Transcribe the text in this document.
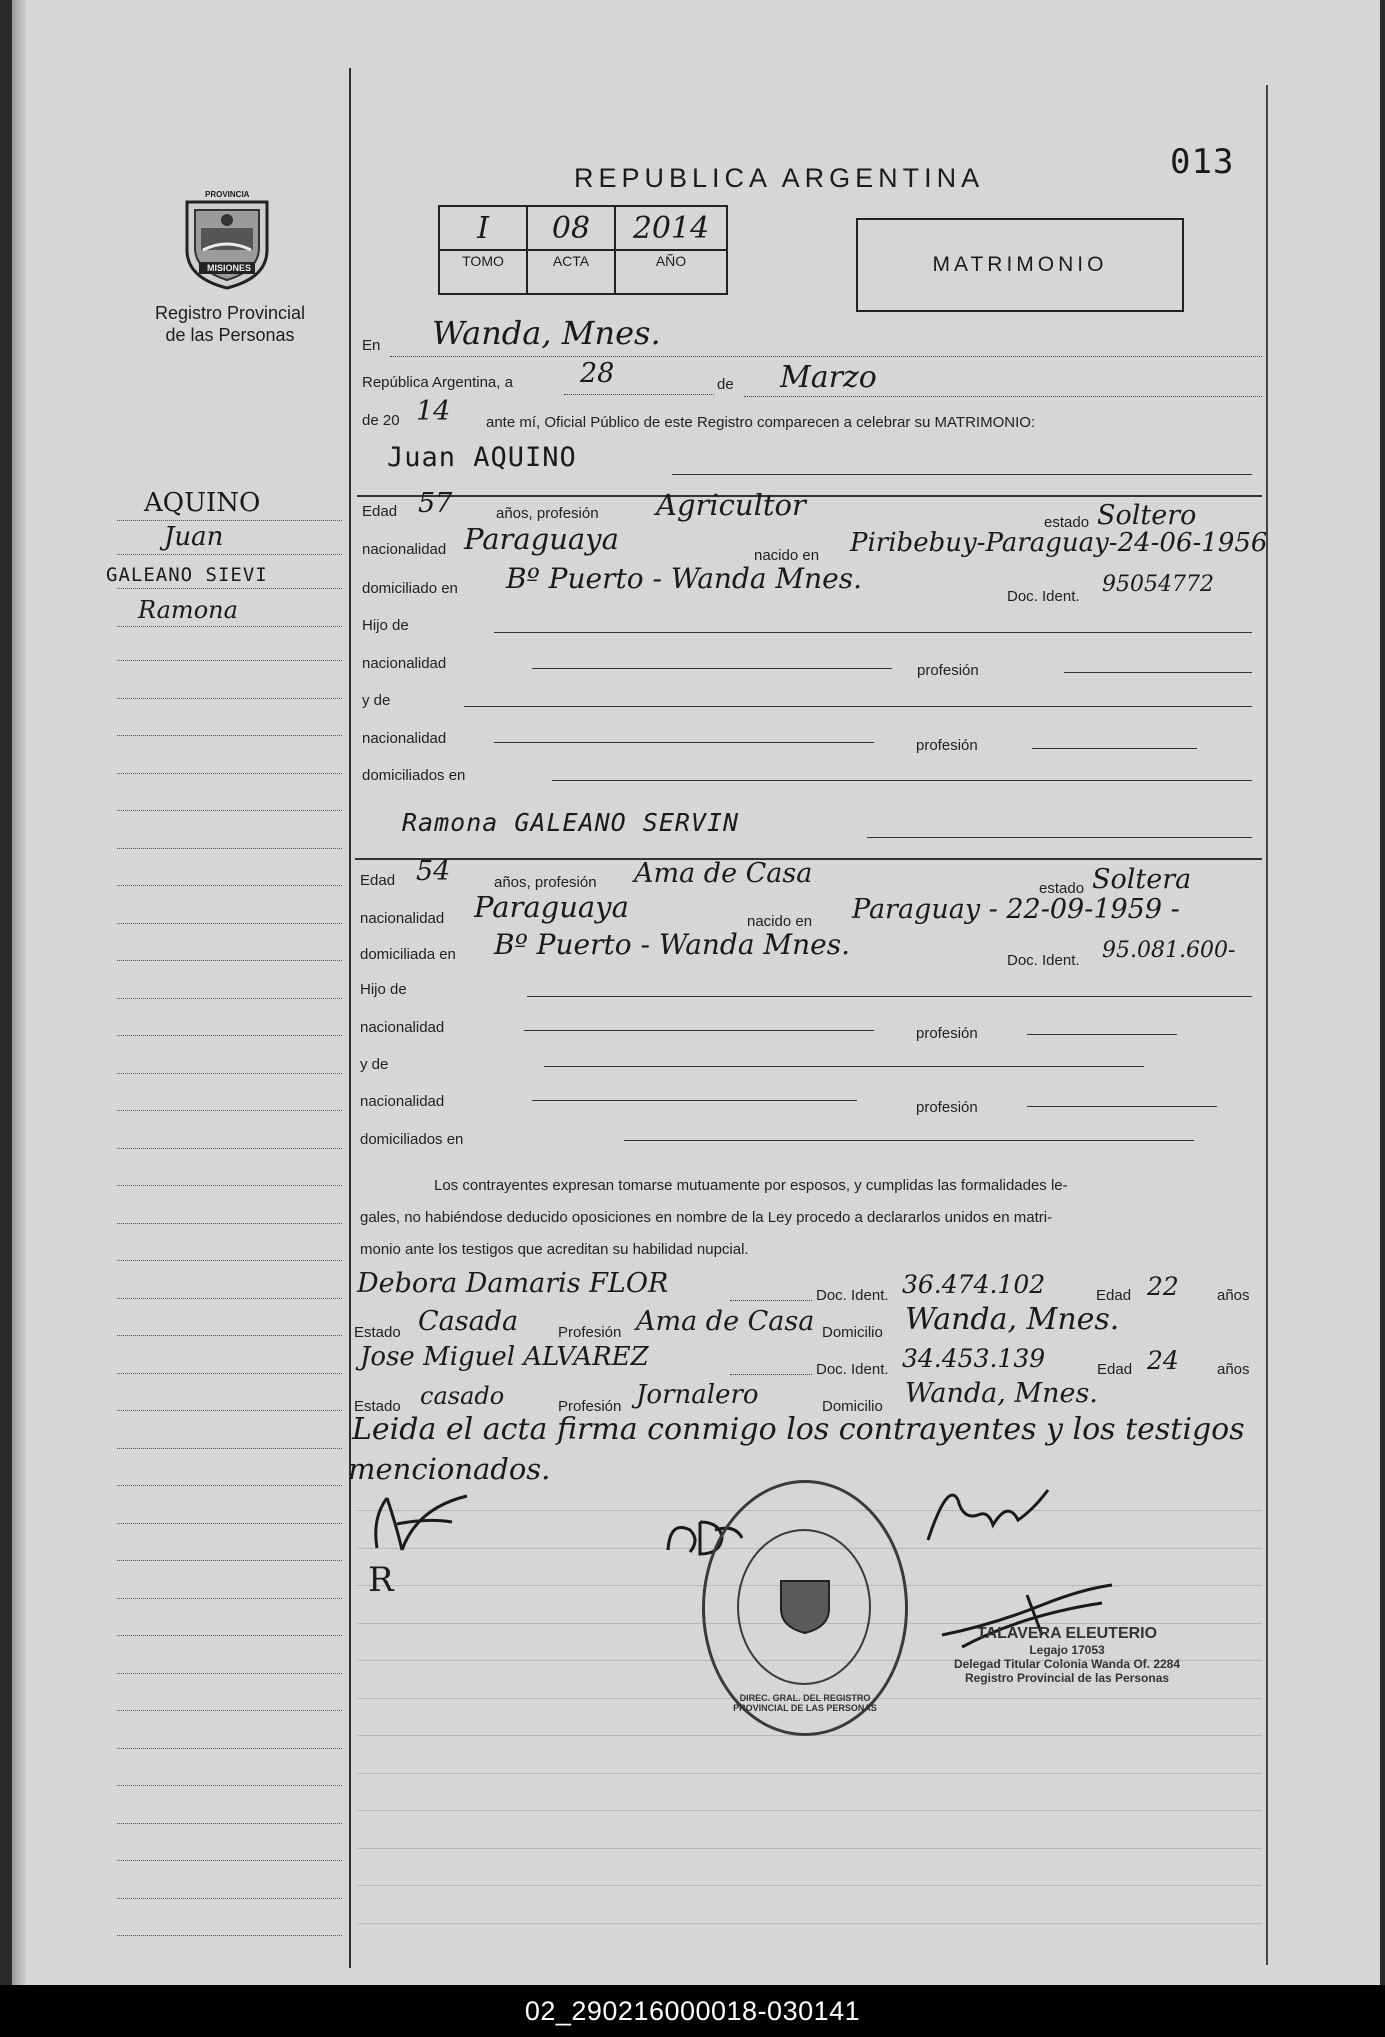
013
PROVINCIA
MISIONES
Registro Provincial
de las Personas
REPUBLICA ARGENTINA
I
TOMO
08
ACTA
2014
AÑO	MATRIMONIO
AQUINO
Juan
GALEANO SIEVI
Ramona
En Wanda, Mnes.
República Argentina, a 28	de Marzo
de 20 14 ante mí, Oficial Público de este Registro comparecen a celebrar su MATRIMONIO:
Juan AQUINO
Edad 57	años, profesión Agricultor
estado Soltero
nacionalidad Paraguaya	nacido en Piribebuy-Paraguay-24-06-1956
domiciliado en Bº Puerto - Wanda Mnes.
Doc. Ident. 95054772
Hijo de
nacionalidad	profesión
y de
nacionalidad	profesión
domiciliados en
Ramona GALEANO SERVIN
Edad 54	años, profesión Ama de Casa	estado Soltera
nacionalidad Paraguaya	nacido en Paraguay - 22-09-1959 -
domiciliada en Bº Puerto - Wanda Mnes.	Doc. Ident. 95.081.600-
Hijo de
nacionalidad	profesión
y de
nacionalidad	profesión
domiciliados en
Los contrayentes expresan tomarse mutuamente por esposos, y cumplidas las formalidades le-
gales, no habiéndose deducido oposiciones en nombre de la Ley procedo a declararlos unidos en matri-
monio ante los testigos que acreditan su habilidad nupcial.
Debora Damaris FLOR	Doc. Ident. 36.474.102	Edad 22	años
Estado Casada	Profesión Ama de Casa Domicilio Wanda, Mnes.
Jose Miguel ALVAREZ	Doc. Ident. 34.453.139	Edad 24	años
Estado casado	Profesión Jornalero	Domicilio Wanda, Mnes.
Leida el acta firma conmigo los contrayentes y los testigos
mencionados.
R
DIREC. GRAL. DEL REGISTRO PROVINCIAL DE LAS PERSONAS
TALAVERA ELEUTERIO
Legajo 17053
Delegad Titular Colonia Wanda Of. 2284
Registro Provincial de las Personas
02_290216000018-030141
